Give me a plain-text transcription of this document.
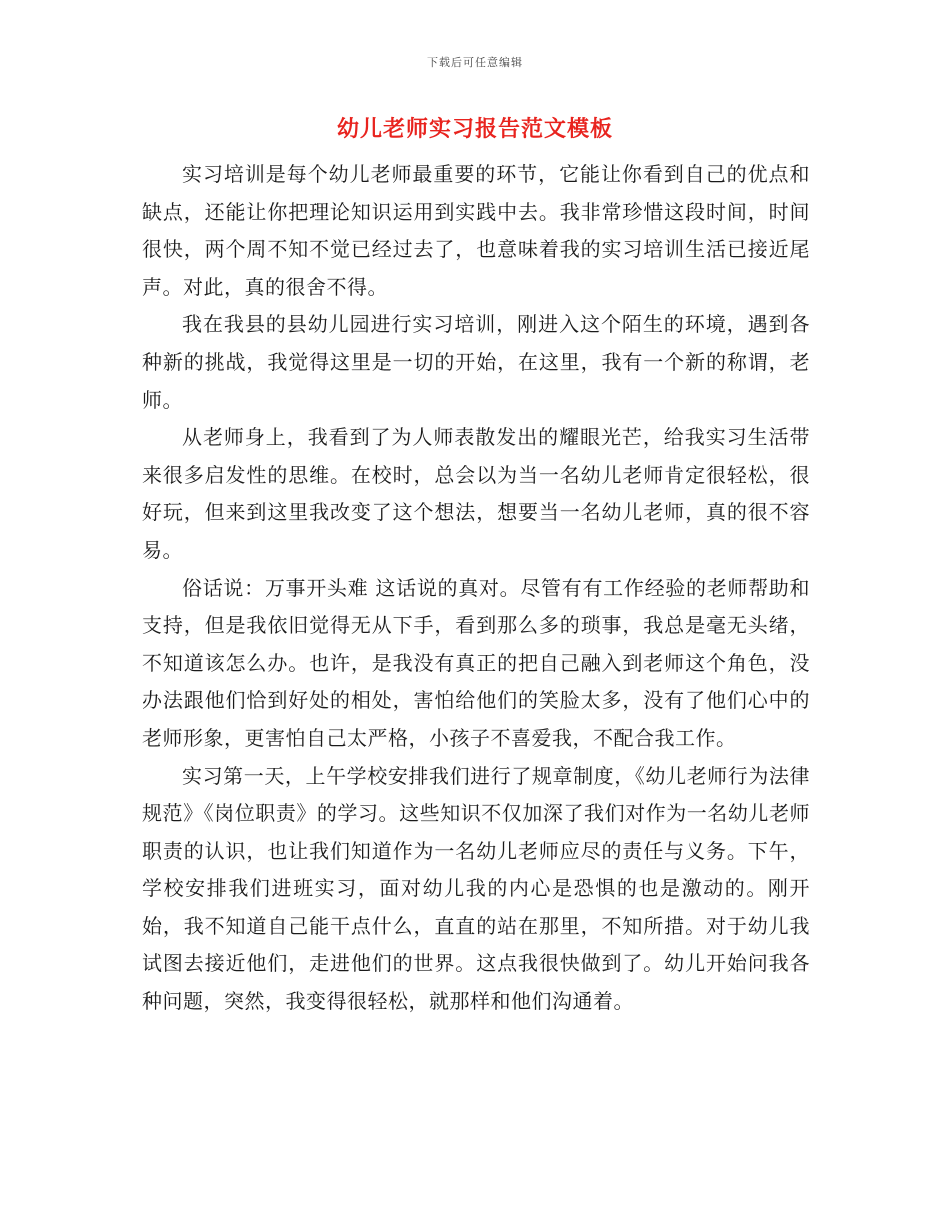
下载后可任意编辑
幼儿老师实习报告范文模板

实习培训是每个幼儿老师最重要的环节，它能让你看到自己的优点和缺点，还能让你把理论知识运用到实践中去。我非常珍惜这段时间，时间很快，两个周不知不觉已经过去了，也意味着我的实习培训生活已接近尾声。对此，真的很舍不得。

我在我县的县幼儿园进行实习培训，刚进入这个陌生的环境，遇到各种新的挑战，我觉得这里是一切的开始，在这里，我有一个新的称谓，老师。

从老师身上，我看到了为人师表散发出的耀眼光芒，给我实习生活带来很多启发性的思维。在校时，总会以为当一名幼儿老师肯定很轻松，很好玩，但来到这里我改变了这个想法，想要当一名幼儿老师，真的很不容易。

俗话说：万事开头难 这话说的真对。尽管有有工作经验的老师帮助和支持，但是我依旧觉得无从下手，看到那么多的琐事，我总是毫无头绪，不知道该怎么办。也许，是我没有真正的把自己融入到老师这个角色，没办法跟他们恰到好处的相处，害怕给他们的笑脸太多，没有了他们心中的老师形象，更害怕自己太严格，小孩子不喜爱我，不配合我工作。

实习第一天，上午学校安排我们进行了规章制度，《幼儿老师行为法律规范》《岗位职责》的学习。这些知识不仅加深了我们对作为一名幼儿老师职责的认识，也让我们知道作为一名幼儿老师应尽的责任与义务。下午，学校安排我们进班实习，面对幼儿我的内心是恐惧的也是激动的。刚开始，我不知道自己能干点什么，直直的站在那里，不知所措。对于幼儿我试图去接近他们，走进他们的世界。这点我很快做到了。幼儿开始问我各种问题，突然，我变得很轻松，就那样和他们沟通着。
